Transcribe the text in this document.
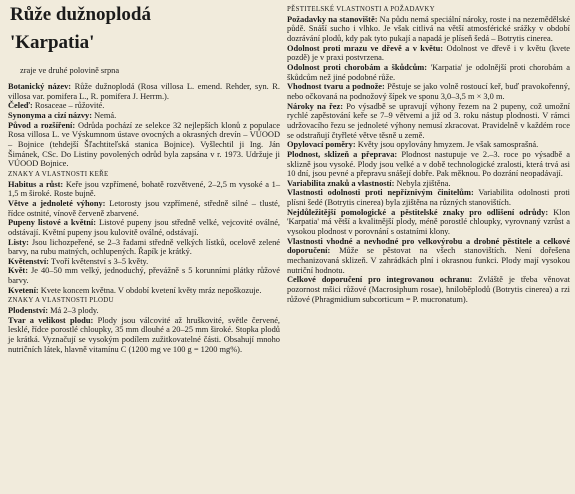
Růže dužnoplodá
'Karpatia'
zraje ve druhé polovině srpna

Botanický název: Růže dužnoplodá (Rosa villosa L. emend. Rehder, syn. R. villosa var. pomifera L., R. pomifera J. Herrm.).

Čeleď: Rosaceae – růžovité.

Synonyma a cizí názvy: Nemá.

Původ a rozšíření: Odrůda pochází ze selekce 32 nejlepších klonů z populace Rosa villosa L. ve Výskumnom ústave ovocných a okrasných drevín – VÚOOD – Bojnice (tehdejší Šľachtiteľská stanica Bojnice). Vyšlechtil ji Ing. Ján Šimánek, CSc. Do Listiny povolených odrůd byla zapsána v r. 1973. Udržuje ji VÚOOD Bojnice.

ZNAKY A VLASTNOSTI KEŘE

Habitus a růst: Keře jsou vzpřímené, bohatě rozvětvené, 2–2,5 m vysoké a 1–1,5 m široké. Roste bujně.

Větve a jednoleté výhony: Letorosty jsou vzpřímené, středně silné – tlusté, řídce ostnité, vínově červeně zbarvené.

Pupeny listové a květní: Listové pupeny jsou středně velké, vejcovité oválné, odstávají. Květní pupeny jsou kulovitě oválné, odstávají.

Listy: Jsou lichozpeřené, se 2–3 řadami středně velkých lístků, ocelově zelené barvy, na rubu matných, ochlupených. Řapík je krátký.

Květenství: Tvoří květenství s 3–5 květy.

Květ: Je 40–50 mm velký, jednoduchý, převážně s 5 korunními plátky růžové barvy.

Kvetení: Kvete koncem května. V období kvetení květy mráz nepoškozuje.

ZNAKY A VLASTNOSTI PLODU

Plodenství: Má 2–3 plody.

Tvar a velikost plodu: Plody jsou válcovité až hruškovité, světle červené, lesklé, řídce porostlé chloupky, 35 mm dlouhé a 20–25 mm široké. Stopka plodů je krátká. Vyznačují se vysokým podílem zužitkovatelné části. Obsahují mnoho nutričních látek, hlavně vitamínu C (1200 mg ve 100 g = 1200 mg%).

PĚSTITELSKÉ VLASTNOSTI A POŽADAVKY

Požadavky na stanoviště: Na půdu nemá speciální nároky, roste i na nezemědělské půdě. Snáší sucho i vlhko. Je však citlivá na větší atmosférické srážky v období dozrávání plodů, kdy pak tyto pukají a napadá je plíseň šedá – Botrytis cinerea.

Odolnost proti mrazu ve dřevě a v květu: Odolnost ve dřevě i v květu (kvete pozdě) je v praxi postvrzena.

Odolnost proti chorobám a škůdcům: 'Karpatia' je odolnější proti chorobám a škůdcům než jiné podobné růže.

Vhodnost tvaru a podnože: Pěstuje se jako volně rostoucí keř, buď pravokořenný, nebo očkovaná na podnožový šípek ve sponu 3,0–3,5 m × 3,0 m.

Nároky na řez: Po výsadbě se upravují výhony řezem na 2 pupeny, což umožní rychlé zapěstování keře se 7–9 větvemi a již od 3. roku nástup plodnosti. V rámci udržovacího řezu se jednoleté výhony nemusí zkracovat. Pravidelně v každém roce se odstraňují čtyřleté větve těsně u země.

Opylovací poměry: Květy jsou opylovány hmyzem. Je však samosprašná.

Plodnost, sklizeň a přepravа: Plodnost nastupuje ve 2.–3. roce po výsadbě a sklizně jsou vysoké. Plody jsou velké a v době technologické zralosti, která trvá asi 10 dní, jsou pevné a přepravu snášejí dobře. Pak měknou. Po dozrání neopadávají.

Variabilita znaků a vlastností: Nebyla zjištěna.

Vlastnosti odolnosti proti nepříznivým činitelům: Variabilita odolnosti proti plísni šedé (Botrytis cinerea) byla zjištěna na různých stanovištích.

Nejdůležitější pomologické a pěstitelské znaky pro odlišení odrůdy: Klon 'Karpatia' má větší a kvalitnější plody, méně porostlé chloupky, vyrovnaný vzrůst a vysokou plodnost v porovnání s ostatními klony.

Vlastnosti vhodné a nevhodné pro velkovýrobu a drobné pěstitele a celkové doporučení: Může se pěstovat na všech stanovištích. Není dořešena mechanizovaná sklizeň. V zahrádkách plní i okrasnou funkci. Plody mají vysokou nutriční hodnotu.

Celkové doporučení pro integrovanou ochranu: Zvláště je třeba věnovat pozornost mšici růžové (Macrosiphum rosae), hniloběplodů (Botrytis cinerea) a rzi růžové (Phragmidium subcorticum = P. mucronatum).
